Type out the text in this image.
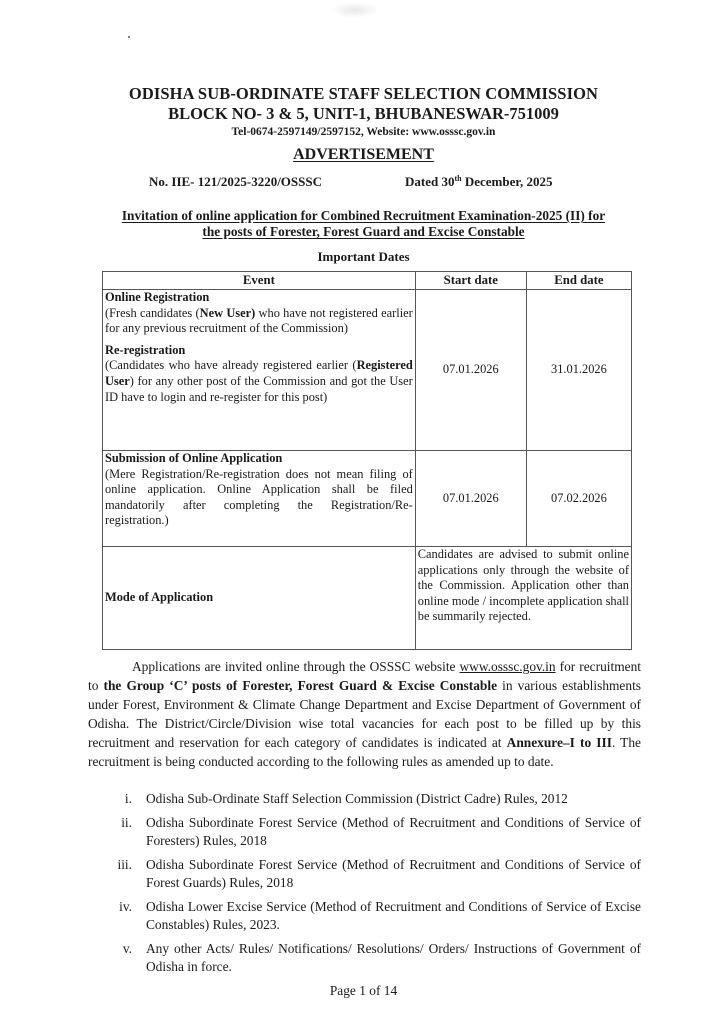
ODISHA SUB-ORDINATE STAFF SELECTION COMMISSION
BLOCK NO- 3 & 5, UNIT-1, BHUBANESWAR-751009
Tel-0674-2597149/2597152, Website: www.osssc.gov.in
ADVERTISEMENT
No. IIE- 121/2025-3220/OSSSC	Dated 30th December, 2025
Invitation of online application for Combined Recruitment Examination-2025 (II) for
the posts of Forester, Forest Guard and Excise Constable
Important Dates
Event	Start date	End date

Online Registration
(Fresh candidates (New User) who have not registered earlier for any previous recruitment of the Commission)
Re-registration
(Candidates who have already registered earlier (Registered User) for any other post of the Commission and got the User ID have to login and re-register for this post)	07.01.2026	31.01.2026

Submission of Online Application
(Mere Registration/Re-registration does not mean filing of online application. Online Application shall be filed mandatorily after completing the Registration/Re-registration.)	07.01.2026	07.02.2026
Mode of Application	Candidates are advised to submit online applications only through the website of the Commission. Application other than online mode / incomplete application shall be summarily rejected.	
Applications are invited online through the OSSSC website www.osssc.gov.in for recruitment to the Group ‘C’ posts of Forester, Forest Guard & Excise Constable in various establishments under Forest, Environment & Climate Change Department and Excise Department of Government of Odisha. The District/Circle/Division wise total vacancies for each post to be filled up by this recruitment and reservation for each category of candidates is indicated at Annexure–I to III. The recruitment is being conducted according to the following rules as amended up to date.
i. Odisha Sub-Ordinate Staff Selection Commission (District Cadre) Rules, 2012
ii. Odisha Subordinate Forest Service (Method of Recruitment and Conditions of Service of Foresters) Rules, 2018
iii. Odisha Subordinate Forest Service (Method of Recruitment and Conditions of Service of Forest Guards) Rules, 2018
iv. Odisha Lower Excise Service (Method of Recruitment and Conditions of Service of Excise Constables) Rules, 2023.
v. Any other Acts/ Rules/ Notifications/ Resolutions/ Orders/ Instructions of Government of Odisha in force.
Page 1 of 14
